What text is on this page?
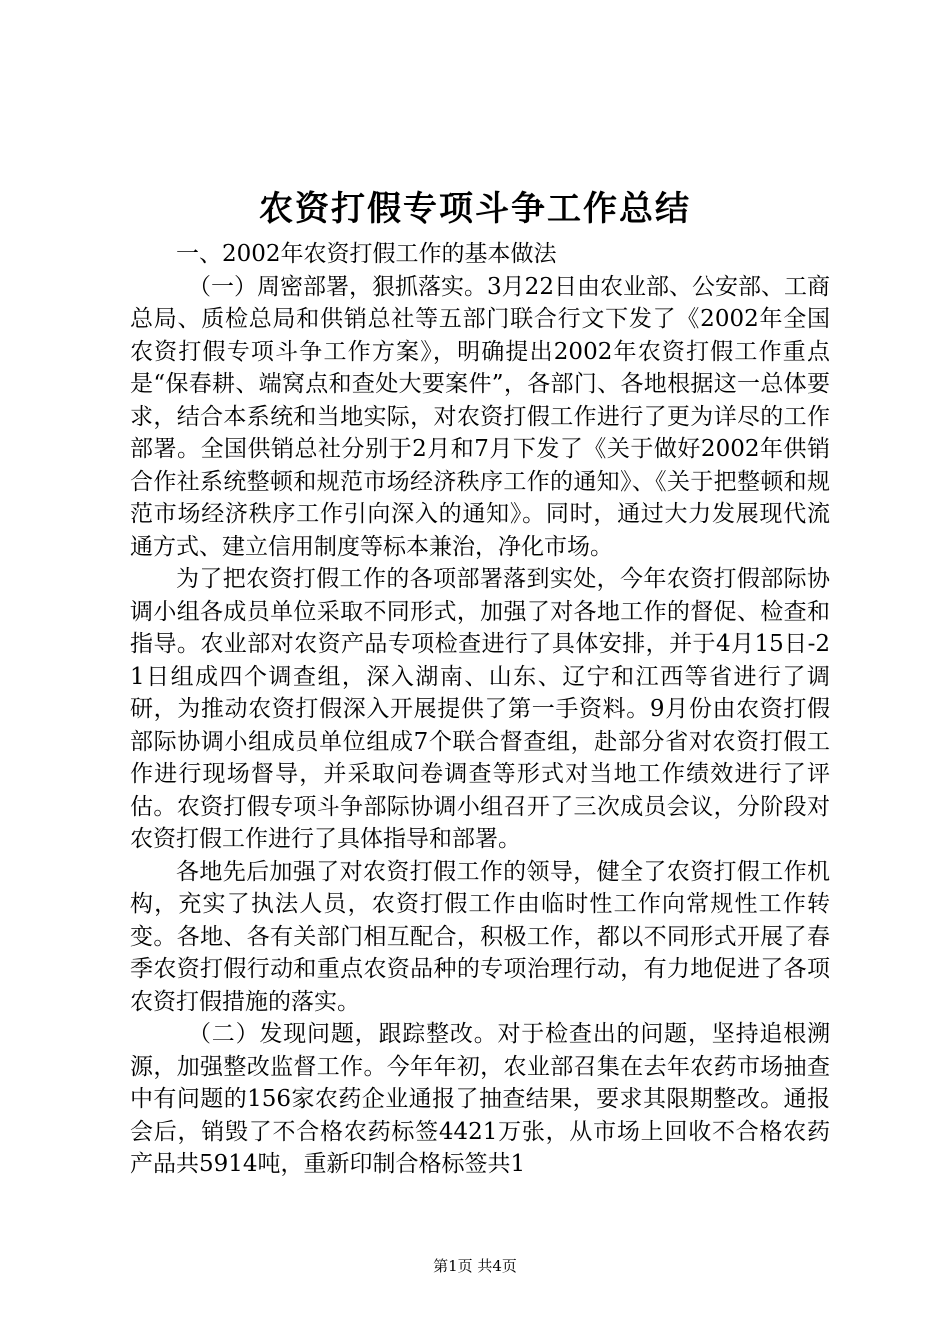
农资打假专项斗争工作总结

一、2002年农资打假工作的基本做法

（一）周密部署，狠抓落实。3月22日由农业部、公安部、工商总局、质检总局和供销总社等五部门联合行文下发了《2002年全国农资打假专项斗争工作方案》，明确提出2002年农资打假工作重点是“保春耕、端窝点和查处大要案件”，各部门、各地根据这一总体要求，结合本系统和当地实际，对农资打假工作进行了更为详尽的工作部署。全国供销总社分别于2月和7月下发了《关于做好2002年供销合作社系统整顿和规范市场经济秩序工作的通知》、《关于把整顿和规范市场经济秩序工作引向深入的通知》。同时，通过大力发展现代流通方式、建立信用制度等标本兼治，净化市场。

为了把农资打假工作的各项部署落到实处，今年农资打假部际协调小组各成员单位采取不同形式，加强了对各地工作的督促、检查和指导。农业部对农资产品专项检查进行了具体安排，并于4月15日-21日组成四个调查组，深入湖南、山东、辽宁和江西等省进行了调研，为推动农资打假深入开展提供了第一手资料。9月份由农资打假部际协调小组成员单位组成7个联合督查组，赴部分省对农资打假工作进行现场督导，并采取问卷调查等形式对当地工作绩效进行了评估。农资打假专项斗争部际协调小组召开了三次成员会议，分阶段对农资打假工作进行了具体指导和部署。

各地先后加强了对农资打假工作的领导，健全了农资打假工作机构，充实了执法人员，农资打假工作由临时性工作向常规性工作转变。各地、各有关部门相互配合，积极工作，都以不同形式开展了春季农资打假行动和重点农资品种的专项治理行动，有力地促进了各项农资打假措施的落实。

（二）发现问题，跟踪整改。对于检查出的问题，坚持追根溯源，加强整改监督工作。今年年初，农业部召集在去年农药市场抽查中有问题的156家农药企业通报了抽查结果，要求其限期整改。通报会后，销毁了不合格农药标签4421万张，从市场上回收不合格农药产品共5914吨，重新印制合格标签共1

第1页 共4页
